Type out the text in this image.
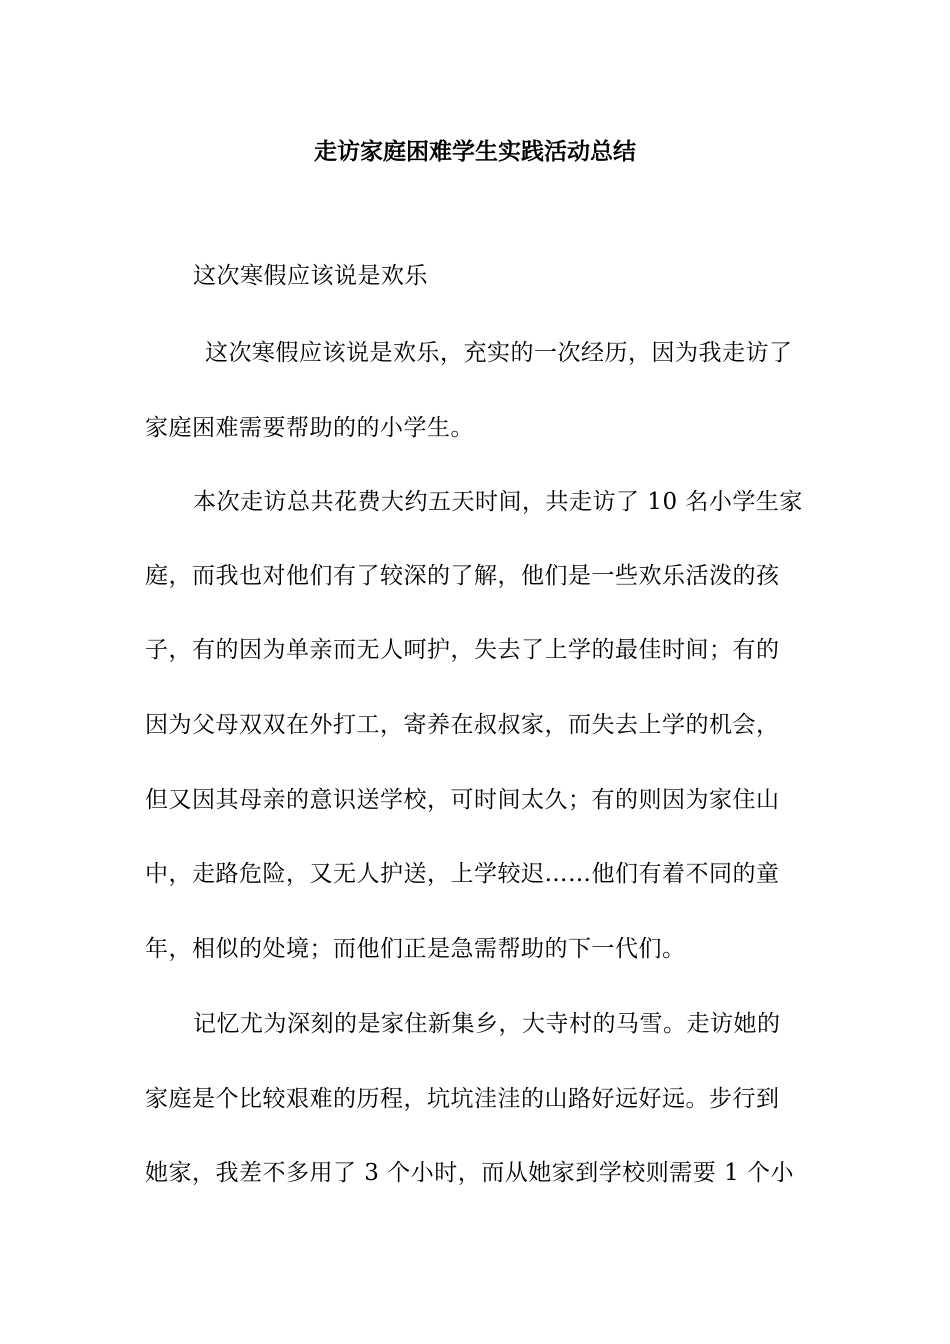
走访家庭困难学生实践活动总结
这次寒假应该说是欢乐
这次寒假应该说是欢乐，充实的一次经历，因为我走访了
家庭困难需要帮助的的小学生。
本次走访总共花费大约五天时间，共走访了 10 名小学生家
庭，而我也对他们有了较深的了解，他们是一些欢乐活泼的孩
子，有的因为单亲而无人呵护，失去了上学的最佳时间；有的
因为父母双双在外打工，寄养在叔叔家，而失去上学的机会，
但又因其母亲的意识送学校，可时间太久；有的则因为家住山
中，走路危险，又无人护送，上学较迟……他们有着不同的童
年，相似的处境；而他们正是急需帮助的下一代们。
记忆尤为深刻的是家住新集乡，大寺村的马雪。走访她的
家庭是个比较艰难的历程，坑坑洼洼的山路好远好远。步行到
她家，我差不多用了 3 个小时，而从她家到学校则需要 1 个小
